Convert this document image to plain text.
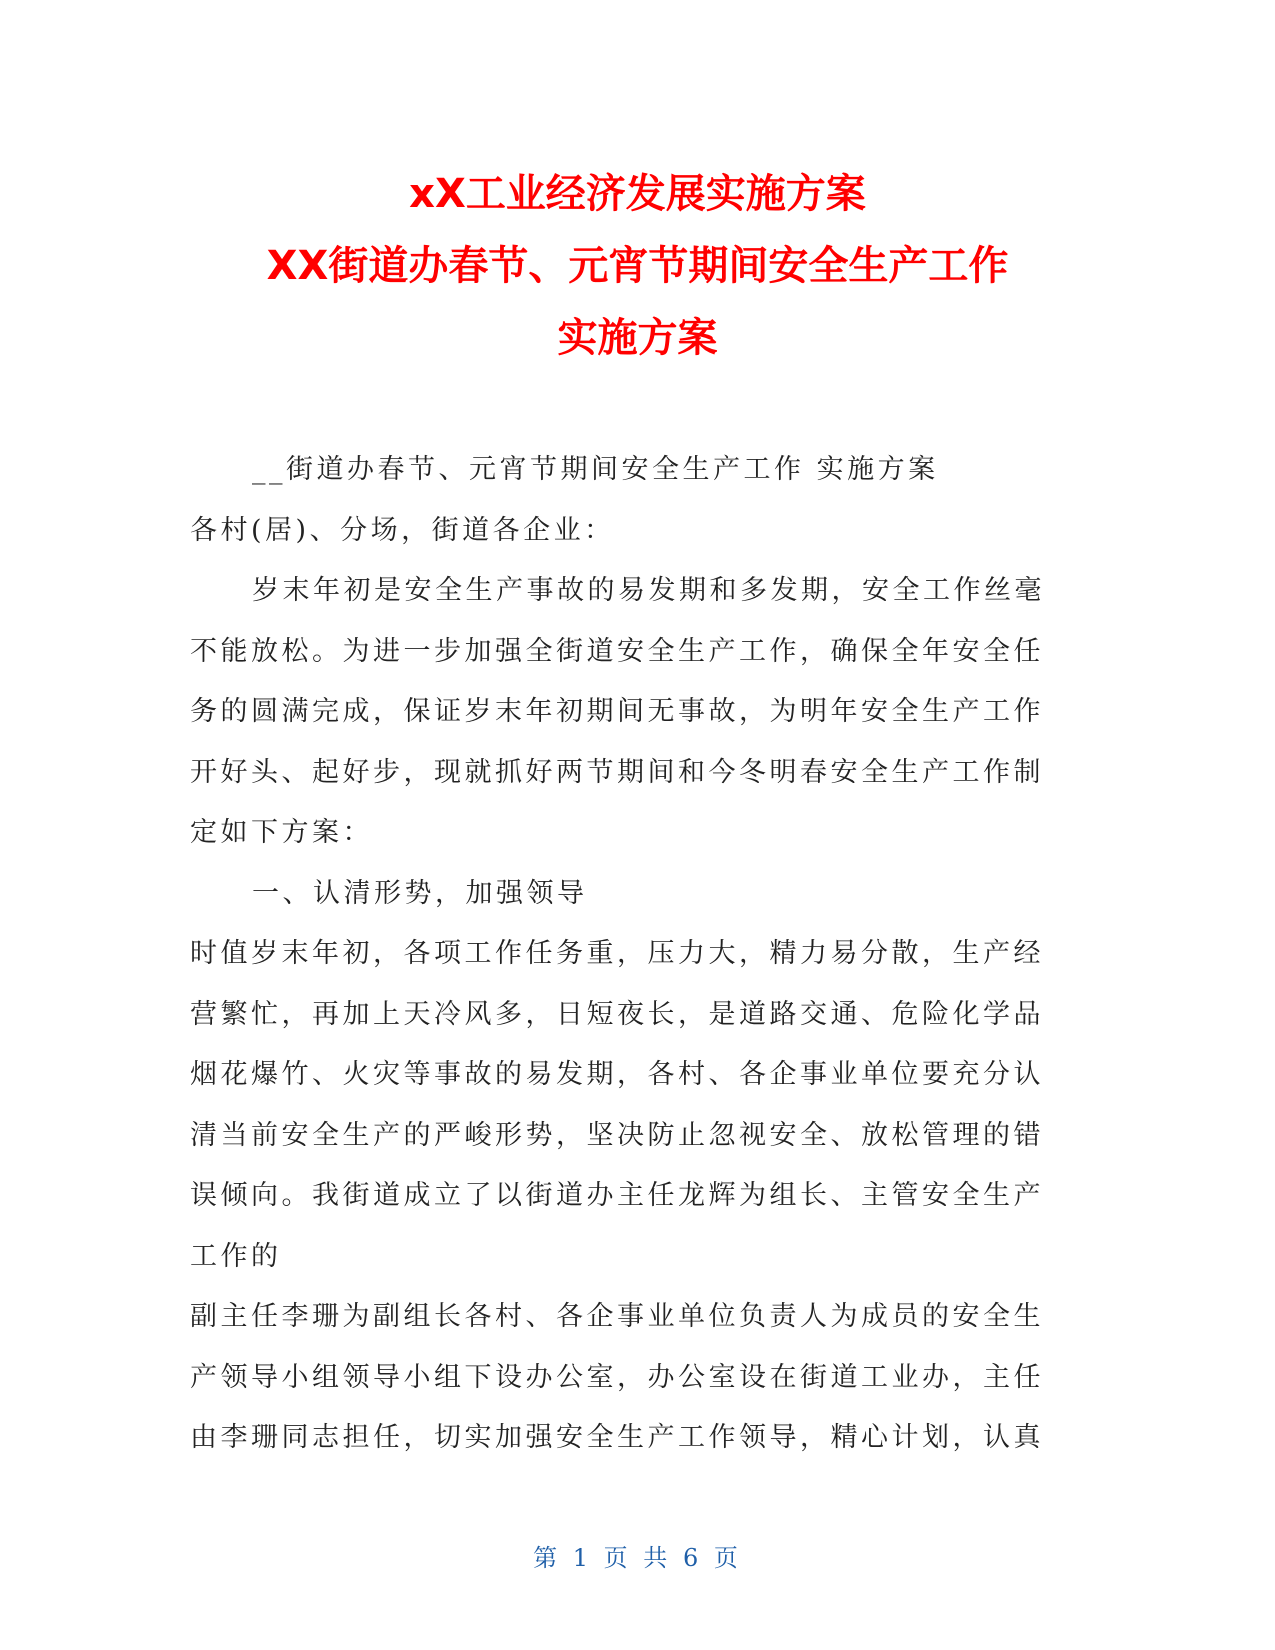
xX工业经济发展实施方案
XX街道办春节、元宵节期间安全生产工作
实施方案
__街道办春节、元宵节期间安全生产工作 实施方案
各村(居)、分场，街道各企业：
岁末年初是安全生产事故的易发期和多发期，安全工作丝毫
不能放松。为进一步加强全街道安全生产工作，确保全年安全任
务的圆满完成，保证岁末年初期间无事故，为明年安全生产工作
开好头、起好步，现就抓好两节期间和今冬明春安全生产工作制
定如下方案：
一、认清形势，加强领导
时值岁末年初，各项工作任务重，压力大，精力易分散，生产经
营繁忙，再加上天冷风多，日短夜长，是道路交通、危险化学品
烟花爆竹、火灾等事故的易发期，各村、各企事业单位要充分认
清当前安全生产的严峻形势，坚决防止忽视安全、放松管理的错
误倾向。我街道成立了以街道办主任龙辉为组长、主管安全生产
工作的
副主任李珊为副组长各村、各企事业单位负责人为成员的安全生
产领导小组领导小组下设办公室，办公室设在街道工业办，主任
由李珊同志担任，切实加强安全生产工作领导，精心计划，认真
第 1 页 共 6 页
